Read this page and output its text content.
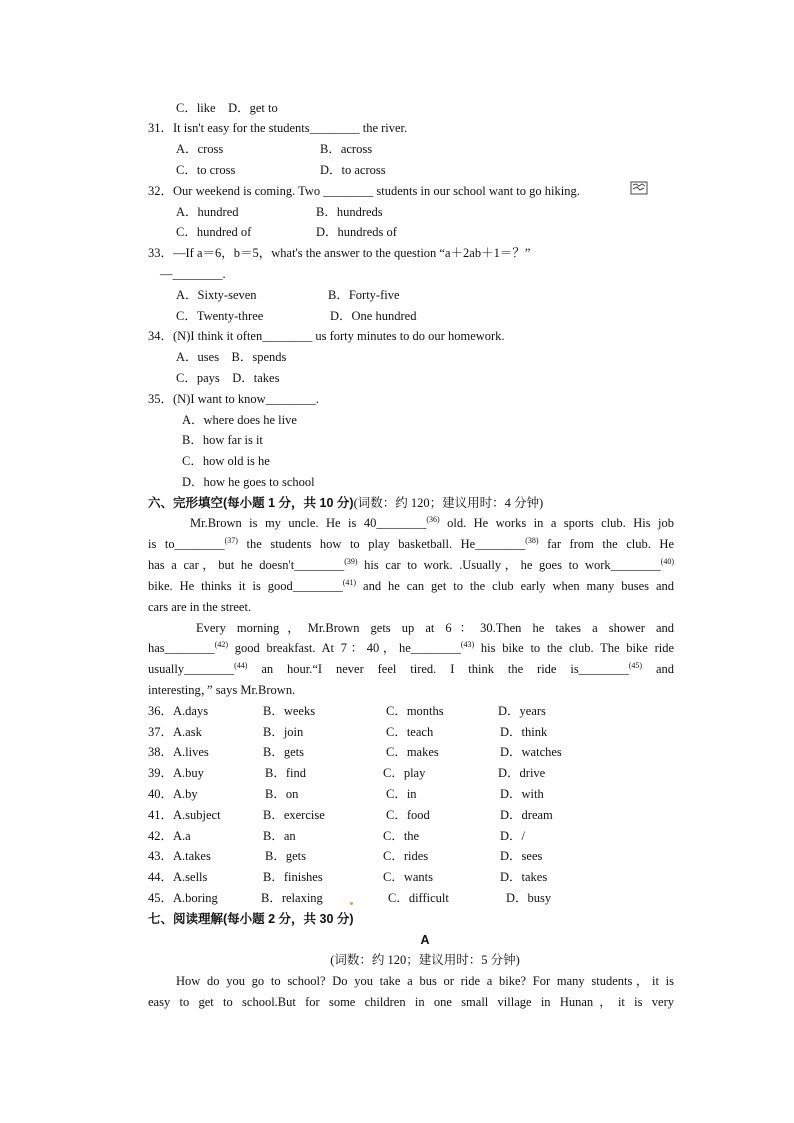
C．like    D．get to
31．It isn't easy for the students________ the river.
A．cross	B．across
C．to cross	D．to across
32．Our weekend is coming. Two ________ students in our school want to go hiking.
A．hundred	B．hundreds
C．hundred of	D．hundreds of
33．—If a＝6，b＝5，what's the answer to the question “a＋2ab＋1＝？”
—________.
A．Sixty-seven	B．Forty-five
C．Twenty-three	D．One hundred
34．(N)I think it often________ us forty minutes to do our homework.
A．uses    B．spends
C．pays    D．takes
35．(N)I want to know________.
A．where does he live
B．how far is it
C．how old is he
D．how he goes to school
六、完形填空(每小题 1 分，共 10 分)(词数：约 120；建议用时：4 分钟)
Mr.Brown is my uncle. He is 40________$^{(36)}$ old. He works in a sports club. His job
is to________$^{(37)}$ the students how to play basketball. He________$^{(38)}$ far from the club. He
has a car，but he doesn't________$^{(39)}$ his car to work. .Usually，he goes to work________$^{(40)}$
bike. He thinks it is good________$^{(41)}$ and he can get to the club early when many buses and
cars are in the street.
Every morning，Mr.Brown gets up at 6：30.Then he takes a shower and
has________$^{(42)}$ good breakfast. At 7：40，he________$^{(43)}$ his bike to the club. The bike ride
usually________$^{(44)}$ an hour.“I never feel tired. I think the ride is________$^{(45)}$ and
interesting，” says Mr.Brown.
36．A.days	B．weeks	C．months	D．years
37．A.ask	B．join	C．teach	D．think
38．A.lives	B．gets	C．makes	D．watches
39．A.buy	B．find	C．play	D．drive
40．A.by	B．on	C．in	D．with
41．A.subject	B．exercise	C．food	D．dream
42．A.a	B．an	C．the	D．/
43．A.takes	B．gets	C．rides	D．sees
44．A.sells	B．finishes	C．wants	D．takes
45．A.boring	B．relaxing	C．difficult	D．busy
七、阅读理解(每小题 2 分，共 30 分)
A
(词数：约 120；建议用时：5 分钟)
How do you go to school? Do you take a bus or ride a bike? For many students，it is
easy to get to school.But for some children in one small village in Hunan，it is very
